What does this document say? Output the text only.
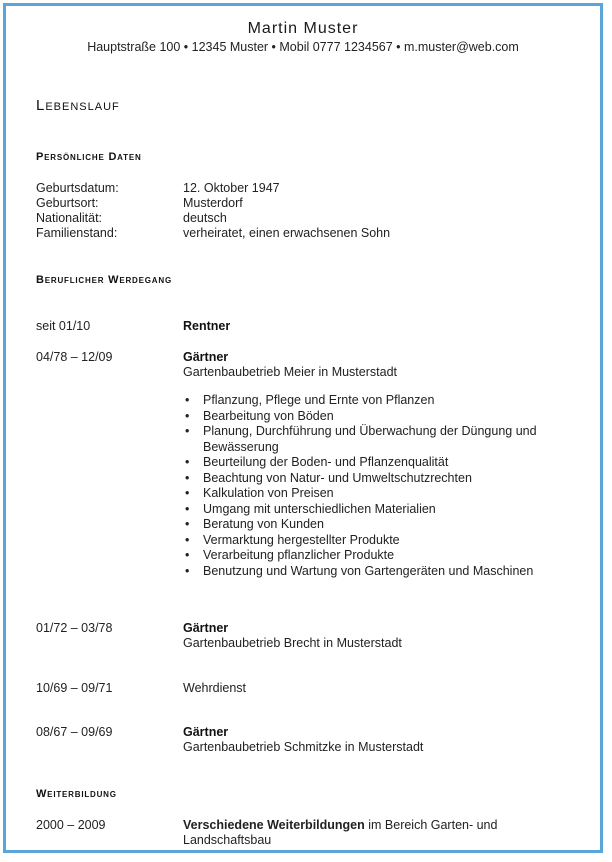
Martin Muster
Hauptstraße 100 • 12345 Muster • Mobil 0777 1234567 • m.muster@web.com
Lebenslauf
Persönliche Daten
Geburtsdatum:	12. Oktober 1947
Geburtsort:	Musterdorf
Nationalität:	deutsch
Familienstand:	verheiratet, einen erwachsenen Sohn
Beruflicher Werdegang
seit 01/10	Rentner
04/78 – 12/09	Gärtner
Gartenbaubetrieb Meier in Musterstadt
• Pflanzung, Pflege und Ernte von Pflanzen
• Bearbeitung von Böden
• Planung, Durchführung und Überwachung der Düngung und Bewässerung
• Beurteilung der Boden- und Pflanzenqualität
• Beachtung von Natur- und Umweltschutzrechten
• Kalkulation von Preisen
• Umgang mit unterschiedlichen Materialien
• Beratung von Kunden
• Vermarktung hergestellter Produkte
• Verarbeitung pflanzlicher Produkte
• Benutzung und Wartung von Gartengeräten und Maschinen
01/72 – 03/78	Gärtner
Gartenbaubetrieb Brecht in Musterstadt
10/69 – 09/71	Wehrdienst
08/67 – 09/69	Gärtner
Gartenbaubetrieb Schmitzke in Musterstadt
Weiterbildung
2000 – 2009	Verschiedene Weiterbildungen im Bereich Garten- und
Landschaftsbau
